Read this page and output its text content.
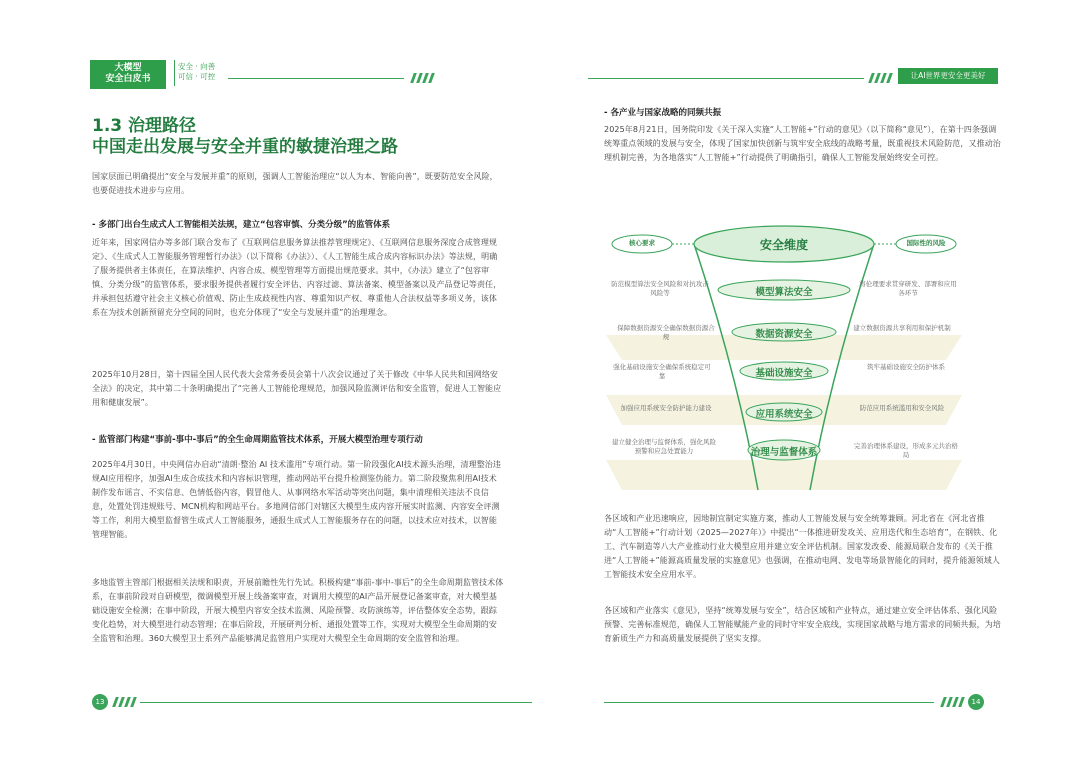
大模型
安全白皮书
安全 · 向善
可信 · 可控
1.3 治理路径
中国走出发展与安全并重的敏捷治理之路

国家层面已明确提出“安全与发展并重”的原则，强调人工智能治理应“以人为本、智能向善”，既要防范安全风险，也要促进技术进步与应用。

- 多部门出台生成式人工智能相关法规，建立“包容审慎、分类分级”的监管体系

近年来，国家网信办等多部门联合发布了《互联网信息服务算法推荐管理规定》、《互联网信息服务深度合成管理规定》、《生成式人工智能服务管理暂行办法》（以下简称《办法》）、《人工智能生成合成内容标识办法》等法规，明确了服务提供者主体责任，在算法维护、内容合成、模型管理等方面提出规范要求。其中，《办法》建立了“包容审慎、分类分级”的监管体系，要求服务提供者履行安全评估、内容过滤、算法备案、模型备案以及产品登记等责任，并承担包括遵守社会主义核心价值观、防止生成歧视性内容、尊重知识产权、尊重他人合法权益等多项义务，该体系在为技术创新预留充分空间的同时，也充分体现了“安全与发展并重”的治理理念。

2025年10月28日，第十四届全国人民代表大会常务委员会第十八次会议通过了关于修改《中华人民共和国网络安全法》的决定，其中第二十条明确提出了“完善人工智能伦理规范，加强风险监测评估和安全监管，促进人工智能应用和健康发展”。

- 监管部门构建“事前-事中-事后”的全生命周期监管技术体系，开展大模型治理专项行动

2025年4月30日，中央网信办启动“清朗·整治 AI 技术滥用”专项行动。第一阶段强化AI技术源头治理，清理整治违规AI应用程序，加强AI生成合成技术和内容标识管理，推动网站平台提升检测鉴伪能力。第二阶段聚焦利用AI技术制作发布谣言、不实信息、色情低俗内容，假冒他人、从事网络水军活动等突出问题，集中清理相关违法不良信息，处置处罚违规账号、MCN机构和网站平台。多地网信部门对辖区大模型生成内容开展实时监测、内容安全评测等工作，利用大模型监督管生成式人工智能服务，通报生成式人工智能服务存在的问题，以技术应对技术，以智能管理智能。

多地监管主管部门根据相关法规和职责，开展前瞻性先行先试。积极构建“事前-事中-事后”的全生命周期监管技术体系，在事前阶段对自研模型，微调模型开展上线备案审查，对调用大模型的AI产品开展登记备案审查，对大模型基础设施安全检测；在事中阶段，开展大模型内容安全技术监测、风险预警、攻防演练等，评估整体安全态势，跟踪变化趋势，对大模型进行动态管理；在事后阶段，开展研判分析、通报处置等工作，实现对大模型全生命周期的安全监管和治理。360大模型卫士系列产品能够满足监管用户实现对大模型全生命周期的安全监管和治理。

13
让AI世界更安全更美好

- 各产业与国家战略的同频共振

2025年8月21日，国务院印发《关于深入实施“人工智能+”行动的意见》（以下简称“意见”），在第十四条强调统筹重点领域的发展与安全，体现了国家加快创新与筑牢安全底线的战略考量，既重视技术风险防范，又推动治理机制完善，为各地落实“人工智能+”行动提供了明确指引，确保人工智能发展始终安全可控。

安全维度
核心要求	国际性的风险
模型算法安全
防范模型算法安全风险和对抗攻击风险等
将伦理要求贯穿研发、部署和应用各环节
数据资源安全
保障数据资源安全确保数据资源合规
建立数据资源共享利用和保护机制
基础设施安全
强化基础设施安全确保系统稳定可靠
筑牢基础设施安全防护体系
应用系统安全
加强应用系统安全防护能力建设	防范应用系统滥用和安全风险
治理与监督体系
建立健全治理与监督体系，强化风险预警和应急处置能力
完善治理体系建设，形成多元共治格局

各区域和产业迅速响应，因地制宜制定实施方案，推动人工智能发展与安全统筹兼顾。河北省在《河北省推动“人工智能+”行动计划（2025—2027年）》中提出“一体推进研发攻关、应用迭代和生态培育”，在钢铁、化工、汽车制造等八大产业推动行业大模型应用并建立安全评估机制。国家发改委、能源局联合发布的《关于推进“人工智能+”能源高质量发展的实施意见》也强调，在推动电网、发电等场景智能化的同时，提升能源领域人工智能技术安全应用水平。

各区域和产业落实《意见》，坚持“统筹发展与安全”，结合区域和产业特点，通过建立安全评估体系、强化风险预警、完善标准规范，确保人工智能赋能产业的同时守牢安全底线，实现国家战略与地方需求的同频共振，为培育新质生产力和高质量发展提供了坚实支撑。

14
